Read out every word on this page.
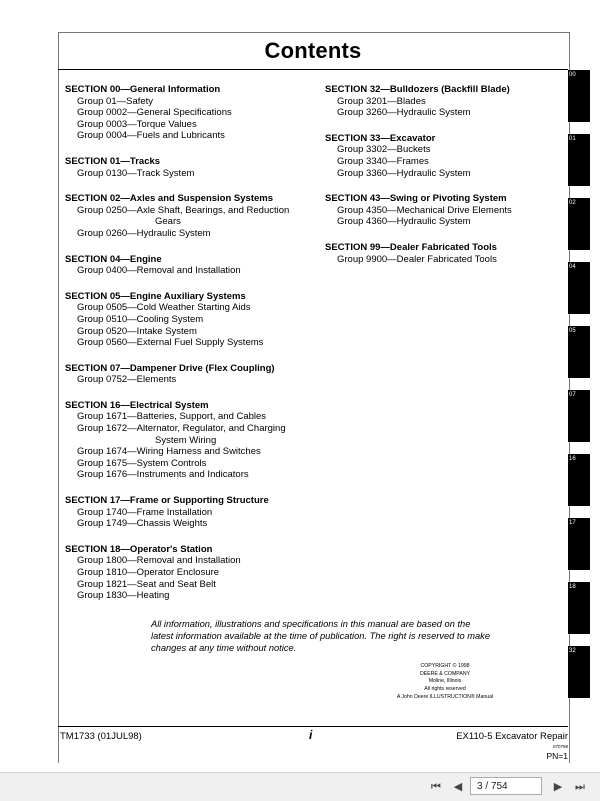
Contents
SECTION 00—General Information
Group 01—Safety
Group 0002—General Specifications
Group 0003—Torque Values
Group 0004—Fuels and Lubricants
SECTION 01—Tracks
Group 0130—Track System
SECTION 02—Axles and Suspension Systems
Group 0250—Axle Shaft, Bearings, and Reduction
Gears
Group 0260—Hydraulic System
SECTION 04—Engine
Group 0400—Removal and Installation
SECTION 05—Engine Auxiliary Systems
Group 0505—Cold Weather Starting Aids
Group 0510—Cooling System
Group 0520—Intake System
Group 0560—External Fuel Supply Systems
SECTION 07—Dampener Drive (Flex Coupling)
Group 0752—Elements
SECTION 16—Electrical System
Group 1671—Batteries, Support, and Cables
Group 1672—Alternator, Regulator, and Charging
System Wiring
Group 1674—Wiring Harness and Switches
Group 1675—System Controls
Group 1676—Instruments and Indicators
SECTION 17—Frame or Supporting Structure
Group 1740—Frame Installation
Group 1749—Chassis Weights
SECTION 18—Operator's Station
Group 1800—Removal and Installation
Group 1810—Operator Enclosure
Group 1821—Seat and Seat Belt
Group 1830—Heating
SECTION 32—Bulldozers (Backfill Blade)
Group 3201—Blades
Group 3260—Hydraulic System
SECTION 33—Excavator
Group 3302—Buckets
Group 3340—Frames
Group 3360—Hydraulic System
SECTION 43—Swing or Pivoting System
Group 4350—Mechanical Drive Elements
Group 4360—Hydraulic System
SECTION 99—Dealer Fabricated Tools
Group 9900—Dealer Fabricated Tools
All information, illustrations and specifications in this manual are based on the latest information available at the time of publication. The right is reserved to make changes at any time without notice.
COPYRIGHT © 1998
DEERE & COMPANY
Moline, Illinois
All rights reserved
A John Deere ILLUSTRUCTION® Manual
TM1733 (01JUL98)	i	EX110-5 Excavator Repair
070798
PN=1
00
01
02
04
05
07
16
17
18
32
⏮	◀	3 / 754	▶	⏭
